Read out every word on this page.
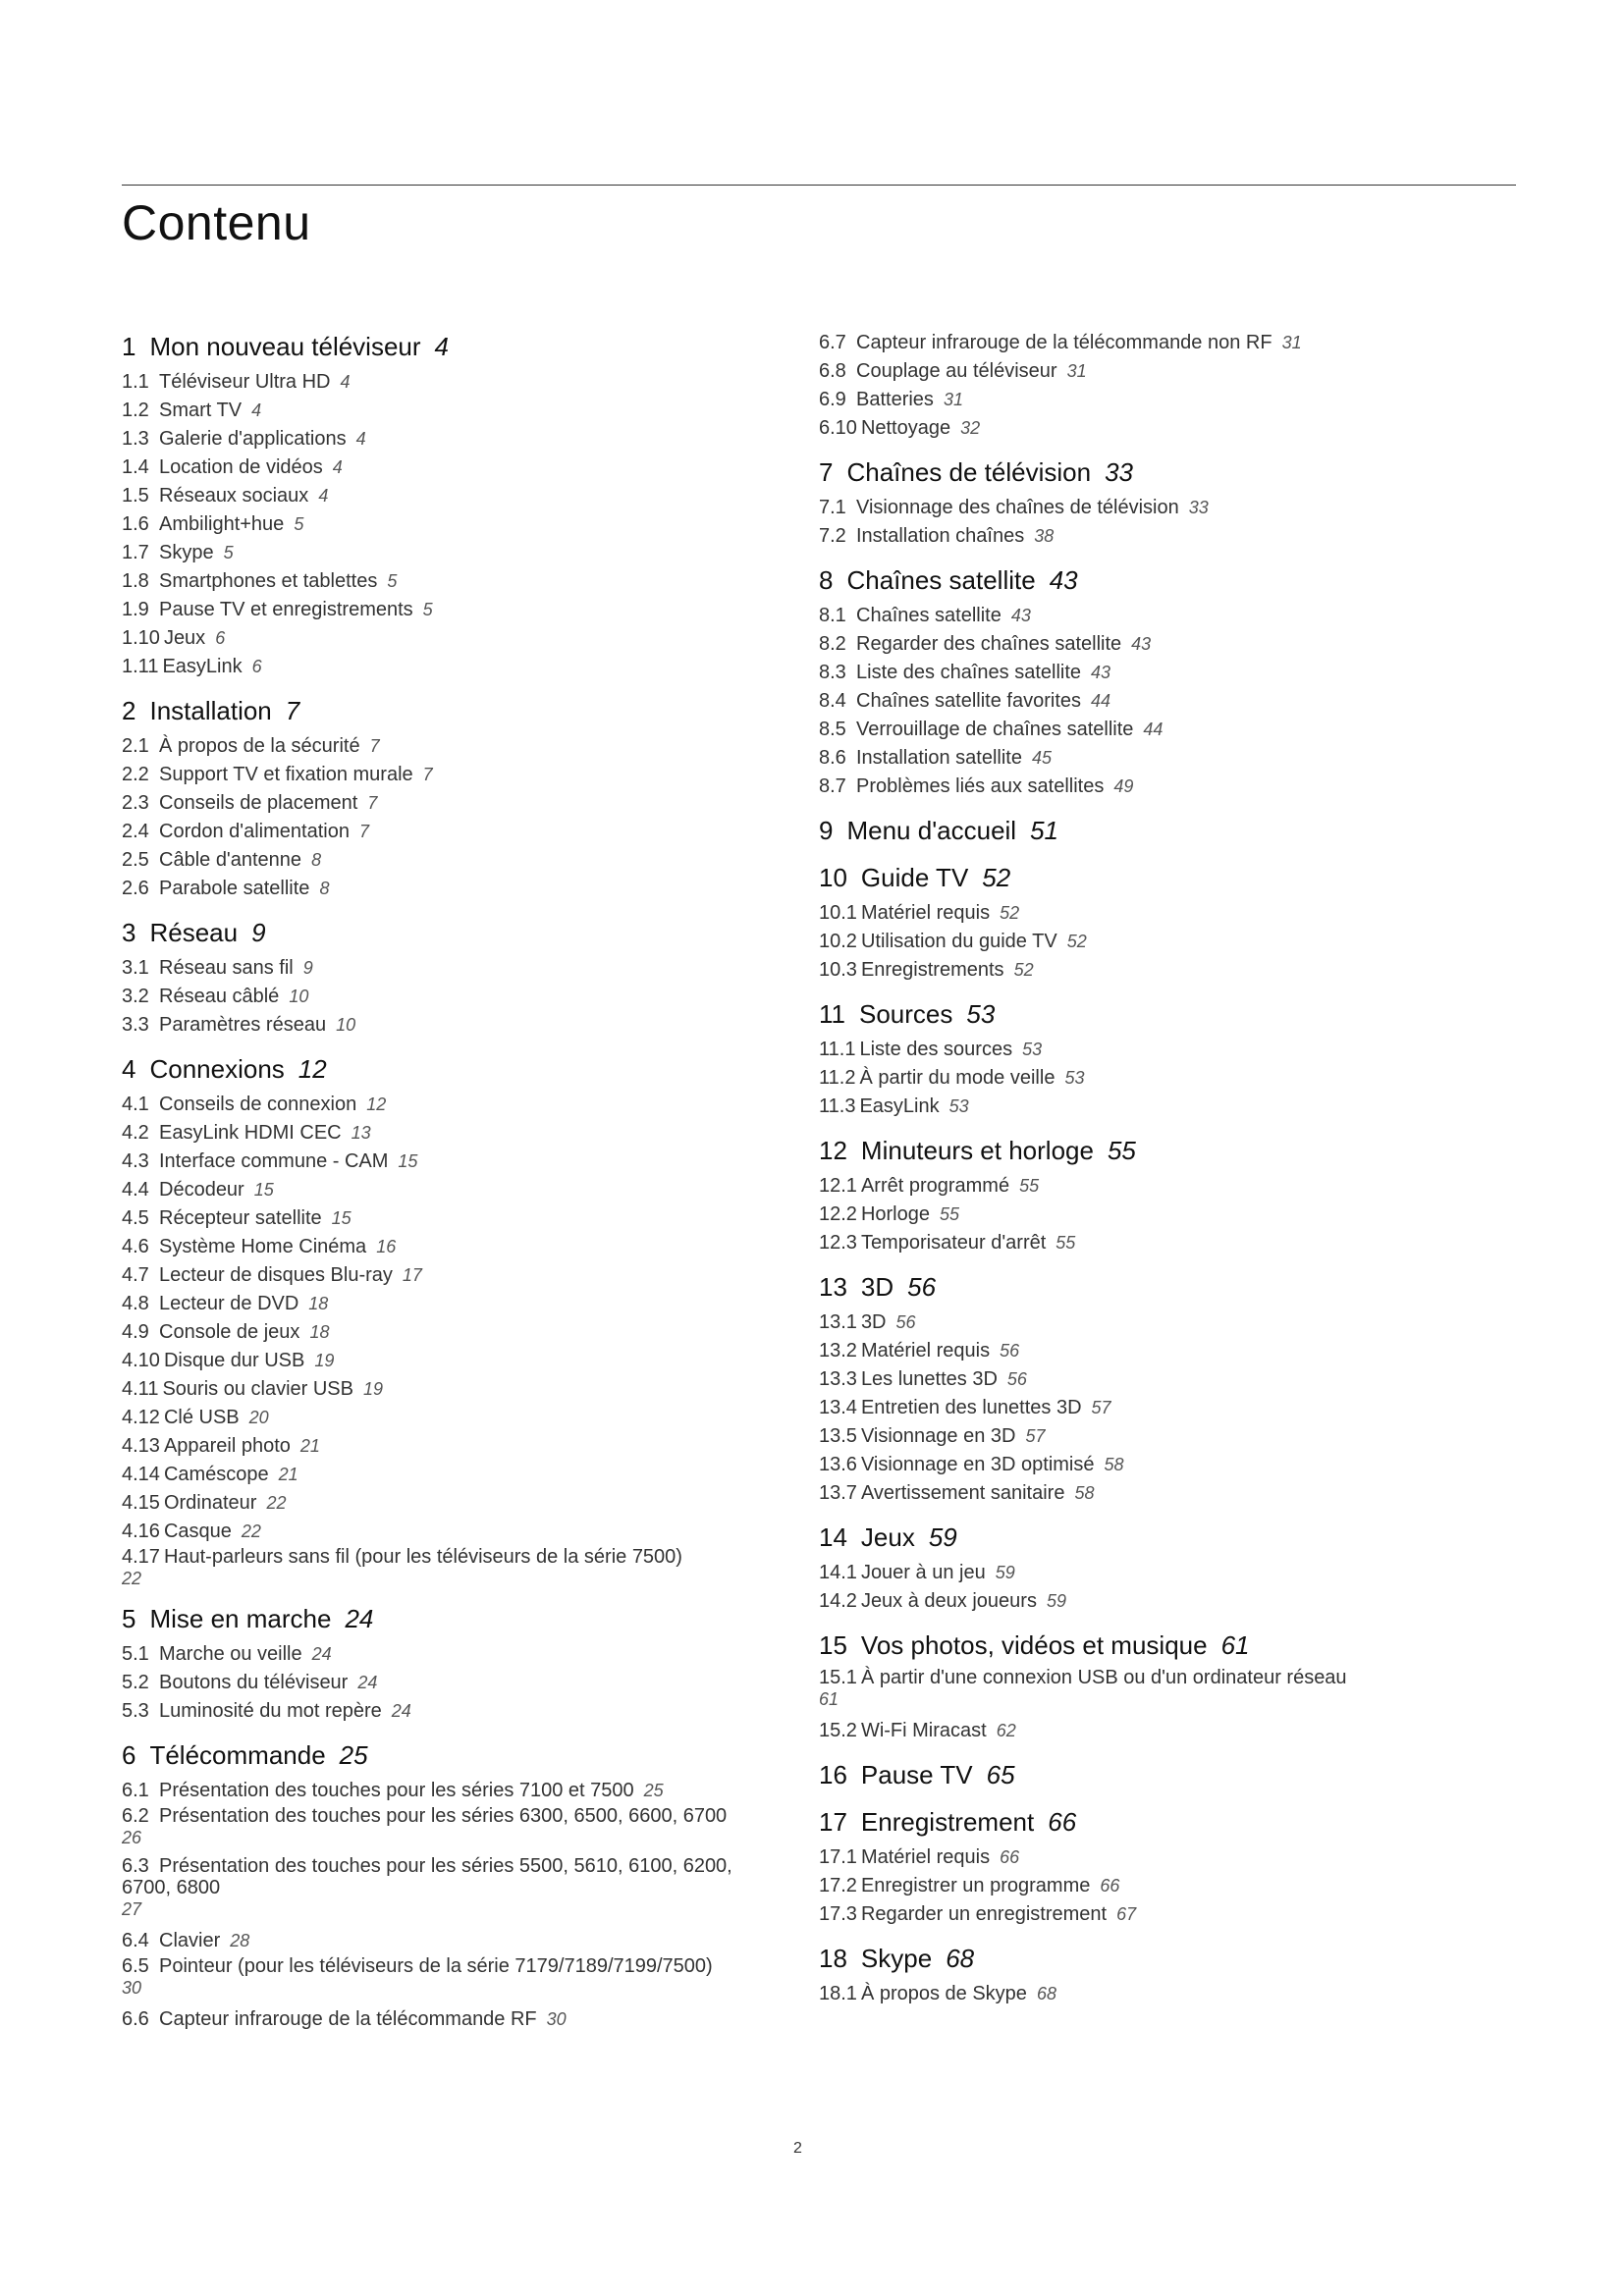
Contenu
1 Mon nouveau téléviseur 4
1.1 Téléviseur Ultra HD 4
1.2 Smart TV 4
1.3 Galerie d'applications 4
1.4 Location de vidéos 4
1.5 Réseaux sociaux 4
1.6 Ambilight+hue 5
1.7 Skype 5
1.8 Smartphones et tablettes 5
1.9 Pause TV et enregistrements 5
1.10 Jeux 6
1.11 EasyLink 6
2 Installation 7
2.1 À propos de la sécurité 7
2.2 Support TV et fixation murale 7
2.3 Conseils de placement 7
2.4 Cordon d'alimentation 7
2.5 Câble d'antenne 8
2.6 Parabole satellite 8
3 Réseau 9
3.1 Réseau sans fil 9
3.2 Réseau câblé 10
3.3 Paramètres réseau 10
4 Connexions 12
4.1 Conseils de connexion 12
4.2 EasyLink HDMI CEC 13
4.3 Interface commune - CAM 15
4.4 Décodeur 15
4.5 Récepteur satellite 15
4.6 Système Home Cinéma 16
4.7 Lecteur de disques Blu-ray 17
4.8 Lecteur de DVD 18
4.9 Console de jeux 18
4.10 Disque dur USB 19
4.11 Souris ou clavier USB 19
4.12 Clé USB 20
4.13 Appareil photo 21
4.14 Caméscope 21
4.15 Ordinateur 22
4.16 Casque 22
4.17 Haut-parleurs sans fil (pour les téléviseurs de la série 7500)
22
5 Mise en marche 24
5.1 Marche ou veille 24
5.2 Boutons du téléviseur 24
5.3 Luminosité du mot repère 24
6 Télécommande 25
6.1 Présentation des touches pour les séries 7100 et 7500 25
6.2 Présentation des touches pour les séries 6300, 6500, 6600, 6700
26
6.3 Présentation des touches pour les séries 5500, 5610, 6100, 6200, 6700, 6800
27
6.4 Clavier 28
6.5 Pointeur (pour les téléviseurs de la série 7179/7189/7199/7500)
30
6.6 Capteur infrarouge de la télécommande RF 30
6.7 Capteur infrarouge de la télécommande non RF 31
6.8 Couplage au téléviseur 31
6.9 Batteries 31
6.10 Nettoyage 32
7 Chaînes de télévision 33
7.1 Visionnage des chaînes de télévision 33
7.2 Installation chaînes 38
8 Chaînes satellite 43
8.1 Chaînes satellite 43
8.2 Regarder des chaînes satellite 43
8.3 Liste des chaînes satellite 43
8.4 Chaînes satellite favorites 44
8.5 Verrouillage de chaînes satellite 44
8.6 Installation satellite 45
8.7 Problèmes liés aux satellites 49
9 Menu d'accueil 51
10 Guide TV 52
10.1 Matériel requis 52
10.2 Utilisation du guide TV 52
10.3 Enregistrements 52
11 Sources 53
11.1 Liste des sources 53
11.2 À partir du mode veille 53
11.3 EasyLink 53
12 Minuteurs et horloge 55
12.1 Arrêt programmé 55
12.2 Horloge 55
12.3 Temporisateur d'arrêt 55
13 3D 56
13.1 3D 56
13.2 Matériel requis 56
13.3 Les lunettes 3D 56
13.4 Entretien des lunettes 3D 57
13.5 Visionnage en 3D 57
13.6 Visionnage en 3D optimisé 58
13.7 Avertissement sanitaire 58
14 Jeux 59
14.1 Jouer à un jeu 59
14.2 Jeux à deux joueurs 59
15 Vos photos, vidéos et musique 61
15.1 À partir d'une connexion USB ou d'un ordinateur réseau
61
15.2 Wi-Fi Miracast 62
16 Pause TV 65
17 Enregistrement 66
17.1 Matériel requis 66
17.2 Enregistrer un programme 66
17.3 Regarder un enregistrement 67
18 Skype 68
18.1 À propos de Skype 68
2
